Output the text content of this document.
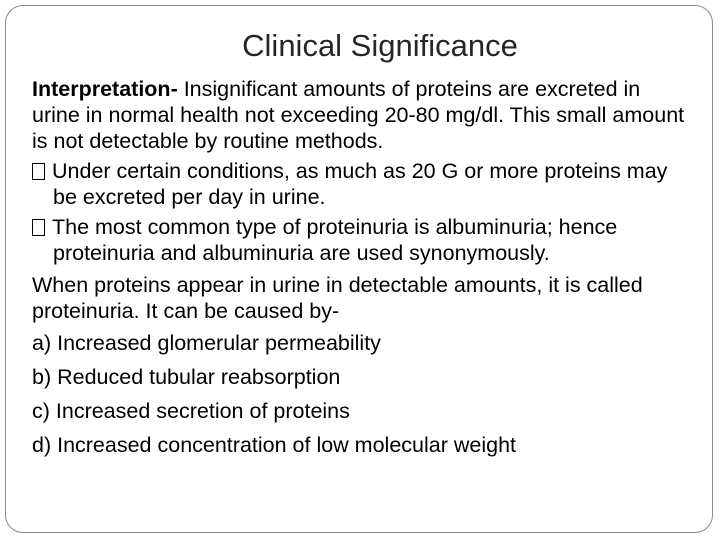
Clinical Significance

Interpretation- Insignificant amounts of proteins are excreted in urine in normal health not exceeding 20-80 mg/dl. This small amount is not detectable by routine methods.

Under certain conditions, as much as 20 G or more proteins may be excreted per day in urine.

The most common type of proteinuria is albuminuria; hence proteinuria and albuminuria are used synonymously.

When proteins appear in urine in detectable amounts, it is called proteinuria. It can be caused by-

a) Increased glomerular permeability

b) Reduced tubular reabsorption

c) Increased secretion of proteins

d) Increased concentration of low molecular weight
